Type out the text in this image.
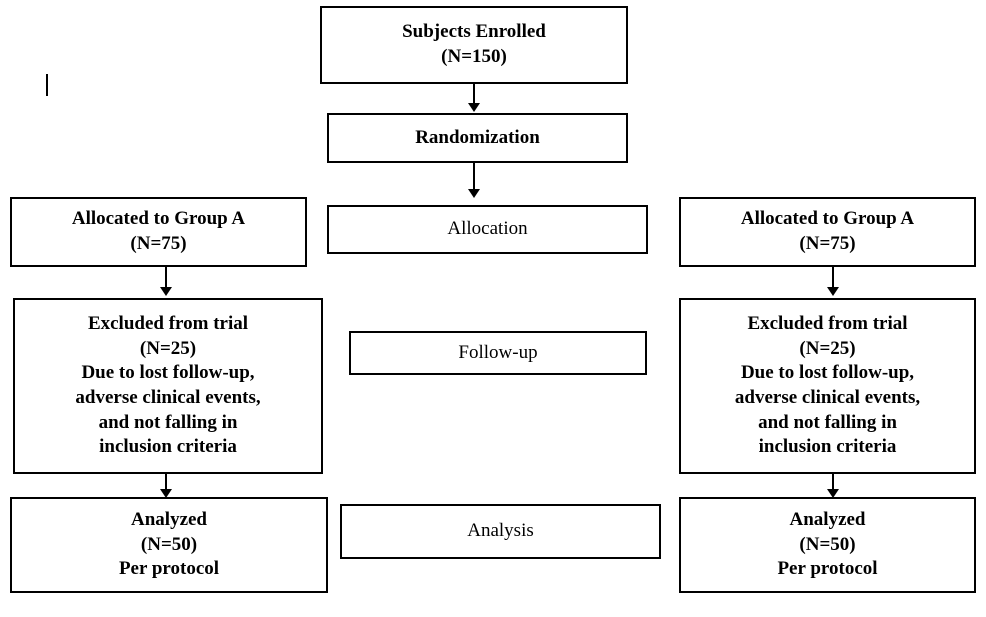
Subjects Enrolled
(N=150)
Randomization
Allocation
Allocated to Group A
(N=75)
Allocated to Group A
(N=75)
Excluded from trial
(N=25)
Due to lost follow-up,
adverse clinical events,
and not falling in
inclusion criteria
Excluded from trial
(N=25)
Due to lost follow-up,
adverse clinical events,
and not falling in
inclusion criteria
Follow-up
Analysis
Analyzed
(N=50)
Per protocol
Analyzed
(N=50)
Per protocol
